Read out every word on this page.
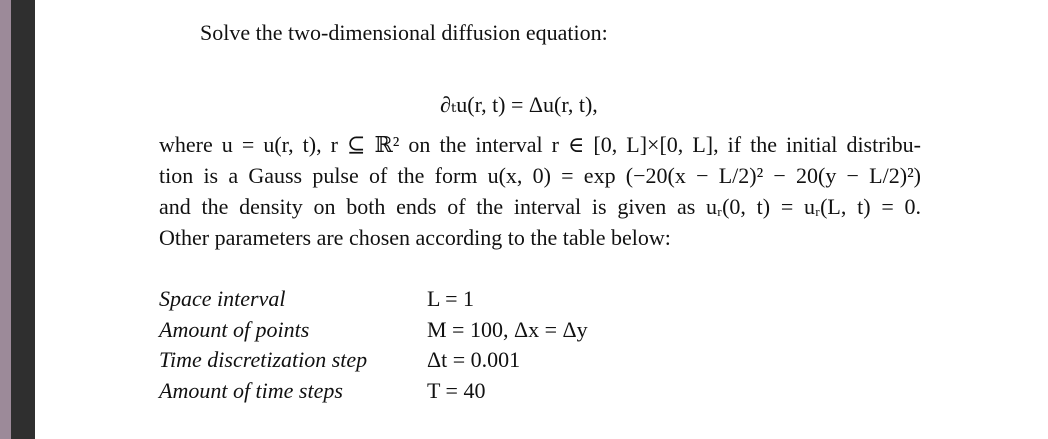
Solve the two-dimensional diffusion equation:

∂ₜu(r, t) = Δu(r, t),

where u = u(r, t), r ⊆ ℝ² on the interval r ∈ [0, L]×[0, L], if the initial distribu-
tion is a Gauss pulse of the form u(x, 0) = exp (−20(x − L/2)² − 20(y − L/2)²)
and the density on both ends of the interval is given as uᵣ(0, t) = uᵣ(L, t) = 0.
Other parameters are chosen according to the table below:
Space interval	L = 1
Amount of points	M = 100, Δx = Δy
Time discretization step	Δt = 0.001
Amount of time steps	T = 40
